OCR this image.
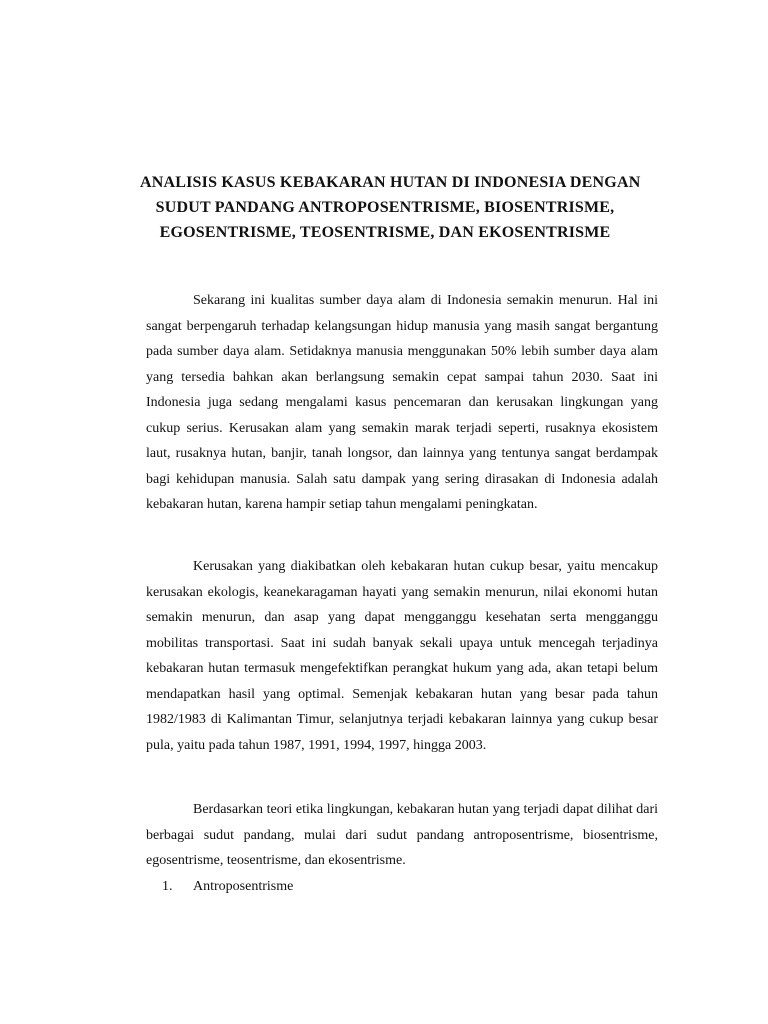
ANALISIS KASUS KEBAKARAN HUTAN DI INDONESIA DENGAN
SUDUT PANDANG ANTROPOSENTRISME, BIOSENTRISME,
EGOSENTRISME, TEOSENTRISME, DAN EKOSENTRISME

Sekarang ini kualitas sumber daya alam di Indonesia semakin menurun. Hal ini sangat berpengaruh terhadap kelangsungan hidup manusia yang masih sangat bergantung pada sumber daya alam. Setidaknya manusia menggunakan 50% lebih sumber daya alam yang tersedia bahkan akan berlangsung semakin cepat sampai tahun 2030. Saat ini Indonesia juga sedang mengalami kasus pencemaran dan kerusakan lingkungan yang cukup serius. Kerusakan alam yang semakin marak terjadi seperti, rusaknya ekosistem laut, rusaknya hutan, banjir, tanah longsor, dan lainnya yang tentunya sangat berdampak bagi kehidupan manusia. Salah satu dampak yang sering dirasakan di Indonesia adalah kebakaran hutan, karena hampir setiap tahun mengalami peningkatan.

Kerusakan yang diakibatkan oleh kebakaran hutan cukup besar, yaitu mencakup kerusakan ekologis, keanekaragaman hayati yang semakin menurun, nilai ekonomi hutan semakin menurun, dan asap yang dapat mengganggu kesehatan serta mengganggu mobilitas transportasi. Saat ini sudah banyak sekali upaya untuk mencegah terjadinya kebakaran hutan termasuk mengefektifkan perangkat hukum yang ada, akan tetapi belum mendapatkan hasil yang optimal. Semenjak kebakaran hutan yang besar pada tahun 1982/1983 di Kalimantan Timur, selanjutnya terjadi kebakaran lainnya yang cukup besar pula, yaitu pada tahun 1987, 1991, 1994, 1997, hingga 2003.

Berdasarkan teori etika lingkungan, kebakaran hutan yang terjadi dapat dilihat dari berbagai sudut pandang, mulai dari sudut pandang antroposentrisme, biosentrisme, egosentrisme, teosentrisme, dan ekosentrisme.

1.	Antroposentrisme
